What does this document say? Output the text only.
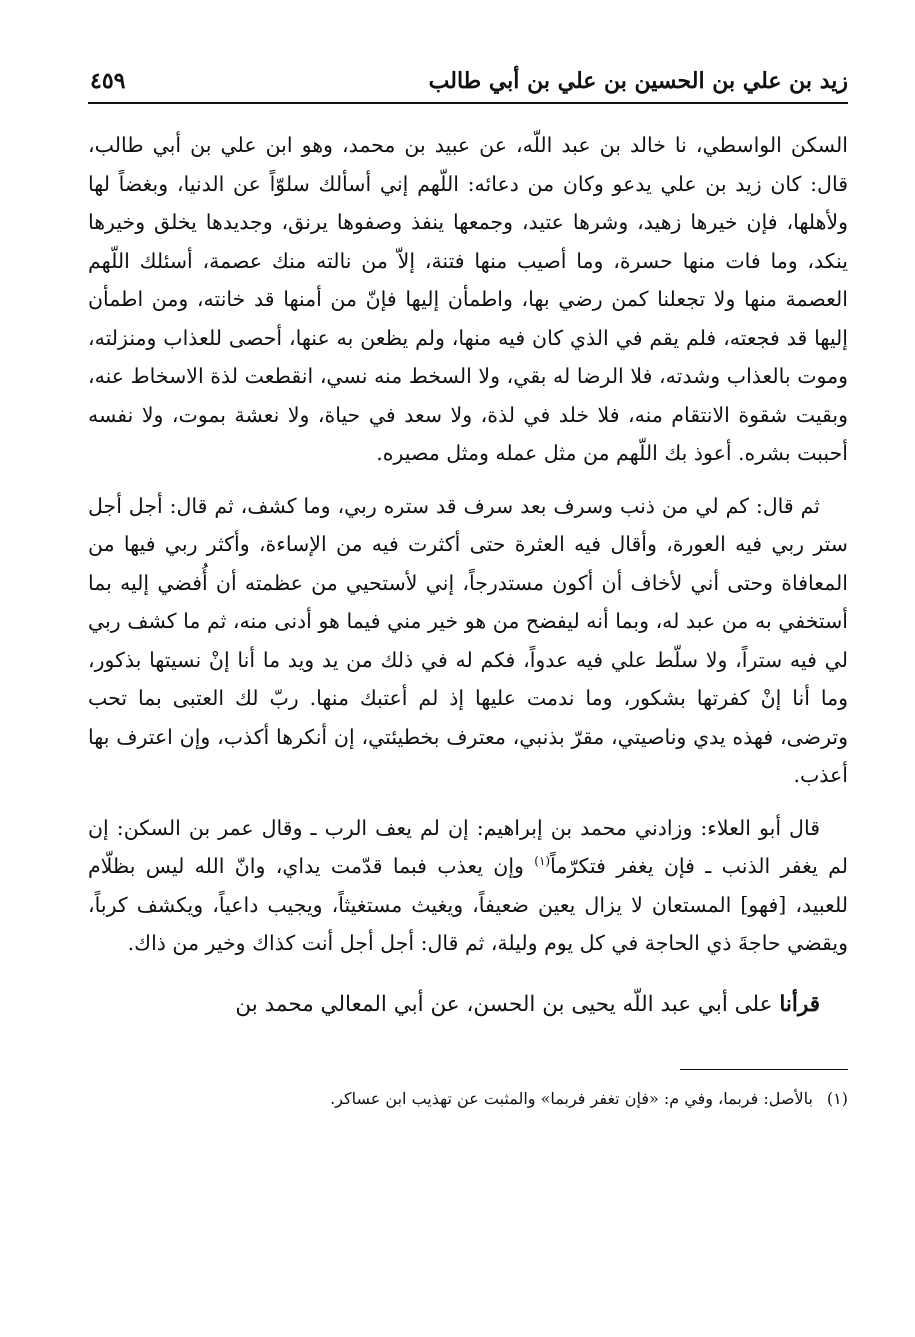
زيد بن علي بن الحسين بن علي بن أبي طالب
٤٥٩

السكن الواسطي، نا خالد بن عبد اللّه، عن عبيد بن محمد، وهو ابن علي بن أبي طالب، قال: كان زيد بن علي يدعو وكان من دعائه: اللّهم إني أسألك سلوّاً عن الدنيا، وبغضاً لها ولأهلها، فإن خيرها زهيد، وشرها عتيد، وجمعها ينفذ وصفوها يرنق، وجديدها يخلق وخيرها ينكد، وما فات منها حسرة، وما أصيب منها فتنة، إلاّ من نالته منك عصمة، أسئلك اللّهم العصمة منها ولا تجعلنا كمن رضي بها، واطمأن إليها فإنّ من أمنها قد خانته، ومن اطمأن إليها قد فجعته، فلم يقم في الذي كان فيه منها، ولم يظعن به عنها، أحصى للعذاب ومنزلته، وموت بالعذاب وشدته، فلا الرضا له بقي، ولا السخط منه نسي، انقطعت لذة الاسخاط عنه، وبقيت شقوة الانتقام منه، فلا خلد في لذة، ولا سعد في حياة، ولا نعشة بموت، ولا نفسه أحببت بشره. أعوذ بك اللّهم من مثل عمله ومثل مصيره.

ثم قال: كم لي من ذنب وسرف بعد سرف قد ستره ربي، وما كشف، ثم قال: أجل أجل ستر ربي فيه العورة، وأقال فيه العثرة حتى أكثرت فيه من الإساءة، وأكثر ربي فيها من المعافاة وحتى أني لأخاف أن أكون مستدرجاً، إني لأستحيي من عظمته أن أُفضي إليه بما أستخفي به من عبد له، وبما أنه ليفضح من هو خير مني فيما هو أدنى منه، ثم ما كشف ربي لي فيه ستراً، ولا سلّط علي فيه عدواً، فكم له في ذلك من يد ويد ما أنا إنْ نسيتها بذكور، وما أنا إنْ كفرتها بشكور، وما ندمت عليها إذ لم أعتبك منها. ربّ لك العتبى بما تحب وترضى، فهذه يدي وناصيتي، مقرّ بذنبي، معترف بخطيئتي، إن أنكرها أكذب، وإن اعترف بها أعذب.

قال أبو العلاء: وزادني محمد بن إبراهيم: إن لم يعف الرب ـ وقال عمر بن السكن: إن لم يغفر الذنب ـ فإن يغفر فتكرّماً$^{(١)}$ وإن يعذب فبما قدّمت يداي، وانّ الله ليس بظلّام للعبيد، [فهو] المستعان لا يزال يعين ضعيفاً، ويغيث مستغيثاً، ويجيب داعياً، ويكشف كرباً، ويقضي حاجةَ ذي الحاجة في كل يوم وليلة، ثم قال: أجل أجل أنت كذاك وخير من ذاك.

قرأنا على أبي عبد اللّه يحيى بن الحسن، عن أبي المعالي محمد بن

(١)بالأصل: فربما، وفي م: «فإن تغفر فربما» والمثبت عن تهذيب ابن عساكر.
